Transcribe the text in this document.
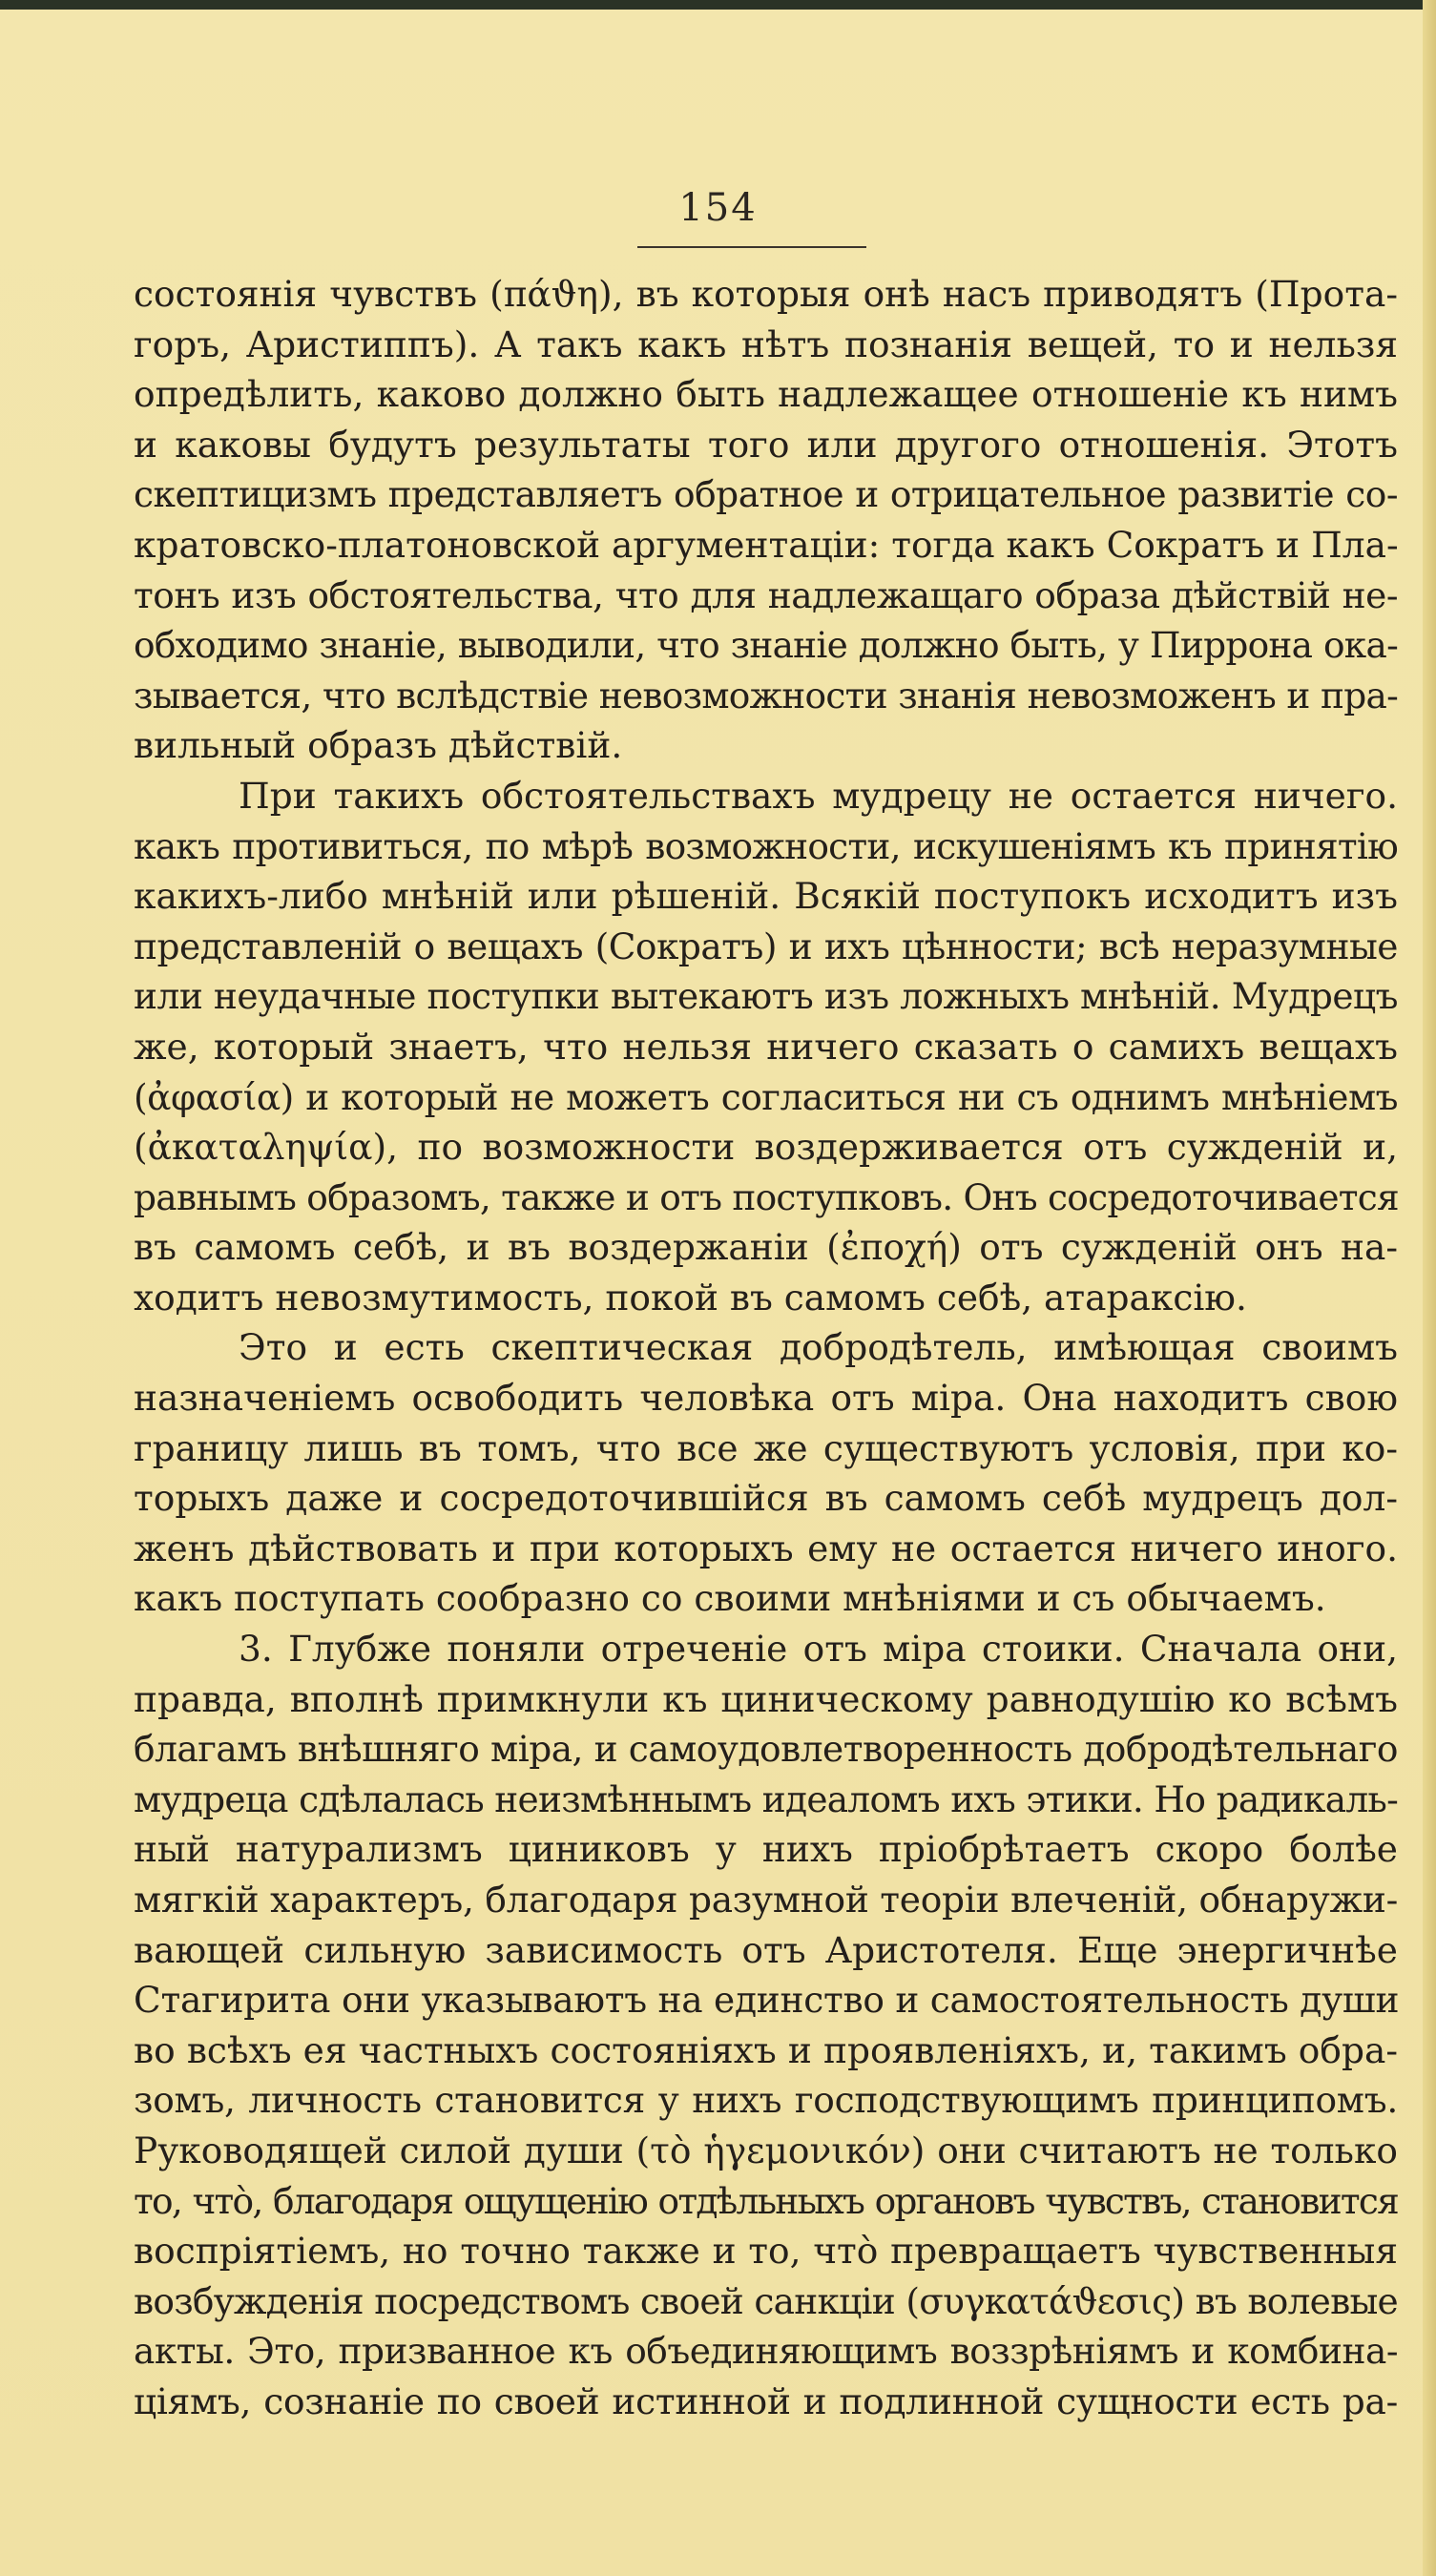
154
состоянія чувствъ (πάϑη), въ которыя онѣ насъ приводятъ (Прота-
горъ, Аристиппъ). А такъ какъ нѣтъ познанія вещей, то и нельзя
опредѣлить, каково должно быть надлежащее отношеніе къ нимъ
и каковы будутъ результаты того или другого отношенія. Этотъ
скептицизмъ представляетъ обратное и отрицательное развитіе со-
кратовско-платоновской аргументаціи: тогда какъ Сократъ и Пла-
тонъ изъ обстоятельства, что для надлежащаго образа дѣйствій не-
обходимо знаніе, выводили, что знаніе должно быть, у Пиррона ока-
зывается, что вслѣдствіе невозможности знанія невозможенъ и пра-
вильный образъ дѣйствій.
При такихъ обстоятельствахъ мудрецу не остается ничего.
какъ противиться, по мѣрѣ возможности, искушеніямъ къ принятію
какихъ-либо мнѣній или рѣшеній. Всякій поступокъ исходитъ изъ
представленій о вещахъ (Сократъ) и ихъ цѣнности; всѣ неразумные
или неудачные поступки вытекаютъ изъ ложныхъ мнѣній. Мудрецъ
же, который знаетъ, что нельзя ничего сказать о самихъ вещахъ
(ἀφασία) и который не можетъ согласиться ни съ однимъ мнѣніемъ
(ἀκαταληψία), по возможности воздерживается отъ сужденій и,
равнымъ образомъ, также и отъ поступковъ. Онъ сосредоточивается
въ самомъ себѣ, и въ воздержаніи (ἐποχή) отъ сужденій онъ на-
ходитъ невозмутимость, покой въ самомъ себѣ, атараксію.
Это и есть скептическая добродѣтель, имѣющая своимъ
назначеніемъ освободить человѣка отъ міра. Она находитъ свою
границу лишь въ томъ, что все же существуютъ условія, при ко-
торыхъ даже и сосредоточившійся въ самомъ себѣ мудрецъ дол-
женъ дѣйствовать и при которыхъ ему не остается ничего иного.
какъ поступать сообразно со своими мнѣніями и съ обычаемъ.
3. Глубже поняли отреченіе отъ міра стоики. Сначала они,
правда, вполнѣ примкнули къ циническому равнодушію ко всѣмъ
благамъ внѣшняго міра, и самоудовлетворенность добродѣтельнаго
мудреца сдѣлалась неизмѣннымъ идеаломъ ихъ этики. Но радикаль-
ный натурализмъ циниковъ у нихъ пріобрѣтаетъ скоро болѣе
мягкій характеръ, благодаря разумной теоріи влеченій, обнаружи-
вающей сильную зависимость отъ Аристотеля. Еще энергичнѣе
Стагирита они указываютъ на единство и самостоятельность души
во всѣхъ ея частныхъ состояніяхъ и проявленіяхъ, и, такимъ обра-
зомъ, личность становится у нихъ господствующимъ принципомъ.
Руководящей силой души (τὸ ἡγεμονικόν) они считаютъ не только
то, что̀, благодаря ощущенію отдѣльныхъ органовъ чувствъ, становится
воспріятіемъ, но точно также и то, что̀ превращаетъ чувственныя
возбужденія посредствомъ своей санкціи (συγκατάϑεσις) въ волевые
акты. Это, призванное къ объединяющимъ воззрѣніямъ и комбина-
ціямъ, сознаніе по своей истинной и подлинной сущности есть ра-
